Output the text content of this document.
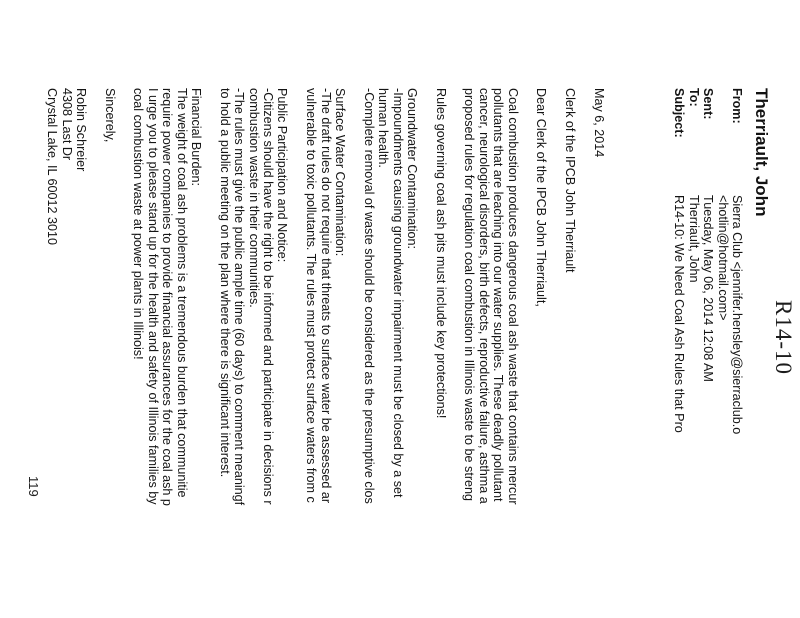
R14-10
Therriault, John
From:
Sierra Club <jennifer.hensley@sierraclub.o
<hotlin@hotmail.com>
Sent:
Tuesday, May 06, 2014 12:08 AM
To:
Therriault, John
Subject:
R14-10: We Need Coal Ash Rules that Pro
May 6, 2014
Clerk of the IPCB John Therriault
Dear Clerk of the IPCB John Therriault,
Coal combustion produces dangerous coal ash waste that contains mercur
pollutants that are leaching into our water supplies. These deadly pollutant
cancer, neurological disorders, birth defects, reproductive failure, asthma a
proposed rules for regulation coal combustion in Illinois waste to be streng
Rules governing coal ash pits must include key protections!
Groundwater Contamination:
-Impoundments causing groundwater impairment must be closed by a set
human health.
-Complete removal of waste should be considered as the presumptive clos
Surface Water Contamination:
-The draft rules do not require that threats to surface water be assessed ar
vulnerable to toxic pollutants. The rules must protect surface waters from c
Public Participation and Notice:
-Citizens should have the right to be informed and participate in decisions r
combustion waste in their communities.
-The rules must give the public ample time (60 days) to comment meaningf
to hold a public meeting on the plan where there is significant interest.
Financial Burden:
The weight of coal ash problems is a tremendous burden that communitie
require power companies to provide financial assurances for the coal ash p
I urge you to please stand up for the health and safety of Illinois families by
coal combustion waste at power plants in Illinois!
Sincerely,
Robin Schreier
4308 Last Dr
Crystal Lake, IL 60012 3010
119
